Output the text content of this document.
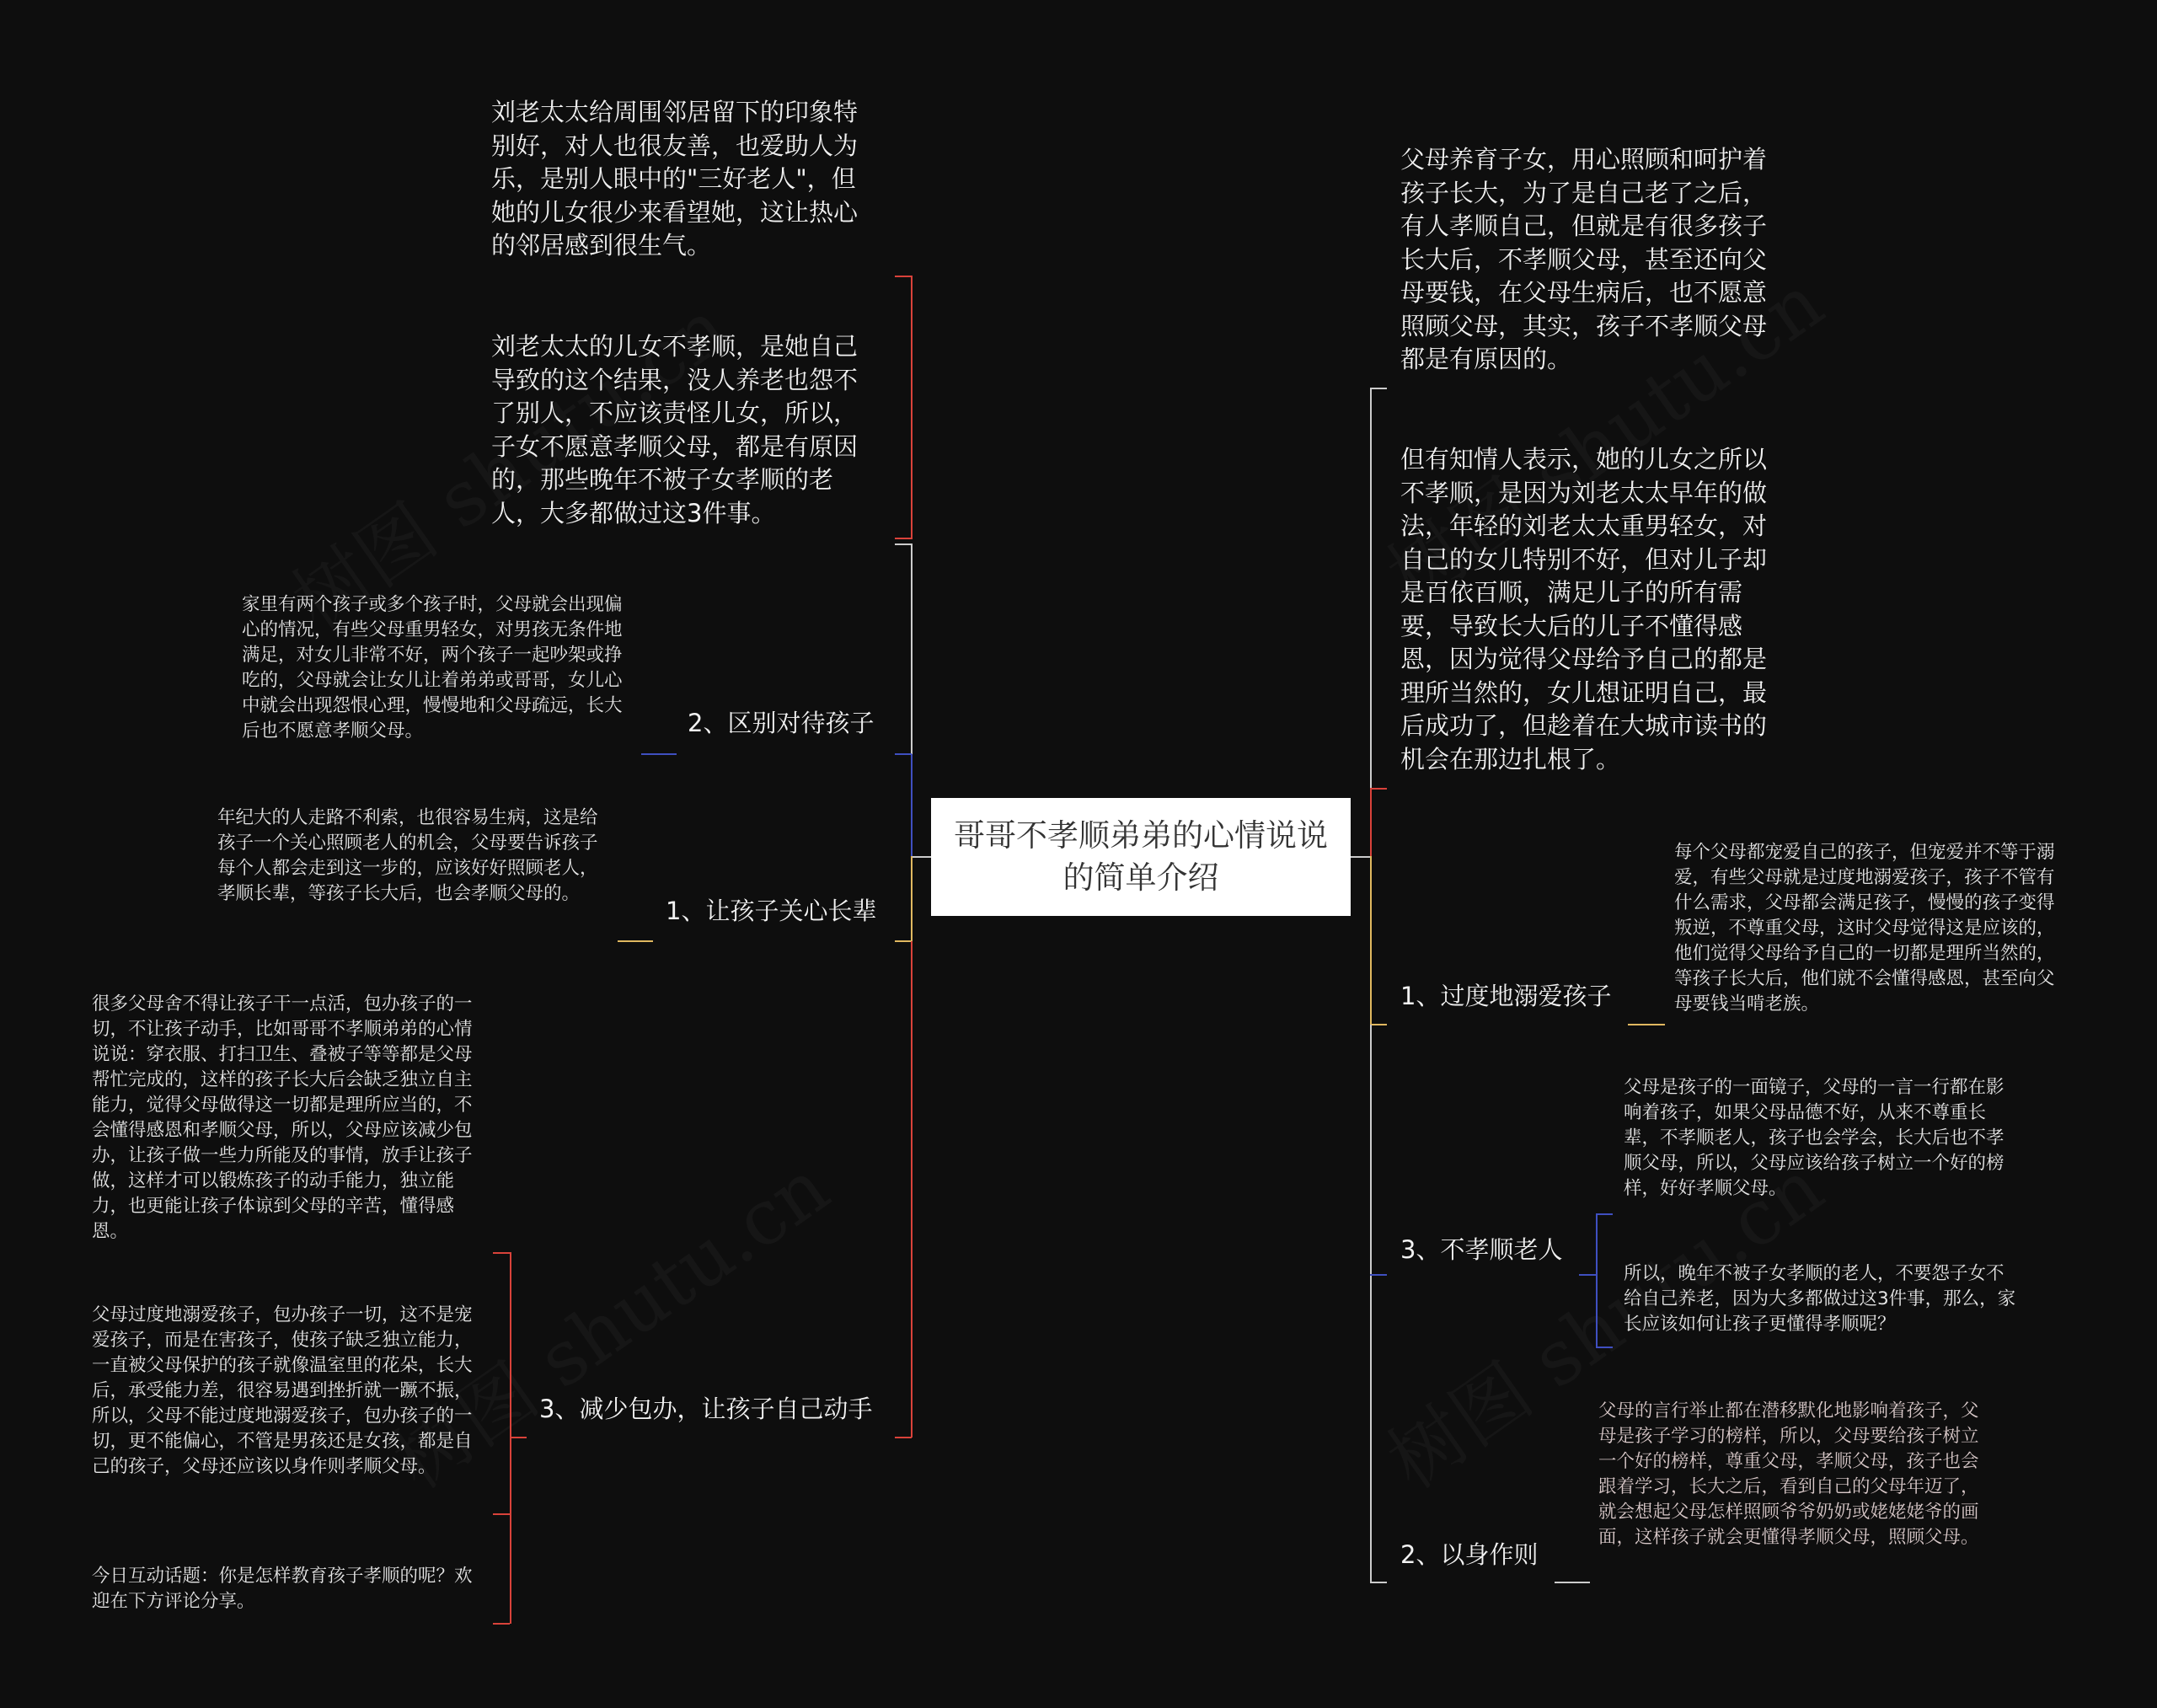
哥哥不孝顺弟弟的心情说说的简单介绍
刘老太太给周围邻居留下的印象特别好，对人也很友善，也爱助人为乐，是别人眼中的"三好老人"，但她的儿女很少来看望她，这让热心的邻居感到很生气。
刘老太太的儿女不孝顺，是她自己导致的这个结果，没人养老也怨不了别人，不应该责怪儿女，所以，子女不愿意孝顺父母，都是有原因的，那些晚年不被子女孝顺的老人，大多都做过这3件事。
2、区别对待孩子
家里有两个孩子或多个孩子时，父母就会出现偏心的情况，有些父母重男轻女，对男孩无条件地满足，对女儿非常不好，两个孩子一起吵架或挣吃的，父母就会让女儿让着弟弟或哥哥，女儿心中就会出现怨恨心理，慢慢地和父母疏远，长大后也不愿意孝顺父母。
1、让孩子关心长辈
年纪大的人走路不利索，也很容易生病，这是给孩子一个关心照顾老人的机会，父母要告诉孩子每个人都会走到这一步的，应该好好照顾老人，孝顺长辈，等孩子长大后，也会孝顺父母的。
3、减少包办，让孩子自己动手
很多父母舍不得让孩子干一点活，包办孩子的一切，不让孩子动手，比如哥哥不孝顺弟弟的心情说说：穿衣服、打扫卫生、叠被子等等都是父母帮忙完成的，这样的孩子长大后会缺乏独立自主能力，觉得父母做得这一切都是理所应当的，不会懂得感恩和孝顺父母，所以，父母应该减少包办，让孩子做一些力所能及的事情，放手让孩子做，这样才可以锻炼孩子的动手能力，独立能力，也更能让孩子体谅到父母的辛苦，懂得感恩。
父母过度地溺爱孩子，包办孩子一切，这不是宠爱孩子，而是在害孩子，使孩子缺乏独立能力，一直被父母保护的孩子就像温室里的花朵，长大后，承受能力差，很容易遇到挫折就一蹶不振，所以，父母不能过度地溺爱孩子，包办孩子的一切，更不能偏心，不管是男孩还是女孩，都是自己的孩子，父母还应该以身作则孝顺父母。
今日互动话题：你是怎样教育孩子孝顺的呢？欢迎在下方评论分享。
父母养育子女，用心照顾和呵护着孩子长大，为了是自己老了之后，有人孝顺自己，但就是有很多孩子长大后，不孝顺父母，甚至还向父母要钱，在父母生病后，也不愿意照顾父母，其实，孩子不孝顺父母都是有原因的。
但有知情人表示，她的儿女之所以不孝顺，是因为刘老太太早年的做法，年轻的刘老太太重男轻女，对自己的女儿特别不好，但对儿子却是百依百顺，满足儿子的所有需要，导致长大后的儿子不懂得感恩，因为觉得父母给予自己的都是理所当然的，女儿想证明自己，最后成功了，但趁着在大城市读书的机会在那边扎根了。
1、过度地溺爱孩子
每个父母都宠爱自己的孩子，但宠爱并不等于溺爱，有些父母就是过度地溺爱孩子，孩子不管有什么需求，父母都会满足孩子，慢慢的孩子变得叛逆，不尊重父母，这时父母觉得这是应该的，他们觉得父母给予自己的一切都是理所当然的，等孩子长大后，他们就不会懂得感恩，甚至向父母要钱当啃老族。
3、不孝顺老人
父母是孩子的一面镜子，父母的一言一行都在影响着孩子，如果父母品德不好，从来不尊重长辈，不孝顺老人，孩子也会学会，长大后也不孝顺父母，所以，父母应该给孩子树立一个好的榜样，好好孝顺父母。
所以，晚年不被子女孝顺的老人，不要怨子女不给自己养老，因为大多都做过这3件事，那么，家长应该如何让孩子更懂得孝顺呢？
2、以身作则
父母的言行举止都在潜移默化地影响着孩子，父母是孩子学习的榜样，所以，父母要给孩子树立一个好的榜样，尊重父母，孝顺父母，孩子也会跟着学习，长大之后，看到自己的父母年迈了，就会想起父母怎样照顾爷爷奶奶或姥姥姥爷的画面，这样孩子就会更懂得孝顺父母，照顾父母。
